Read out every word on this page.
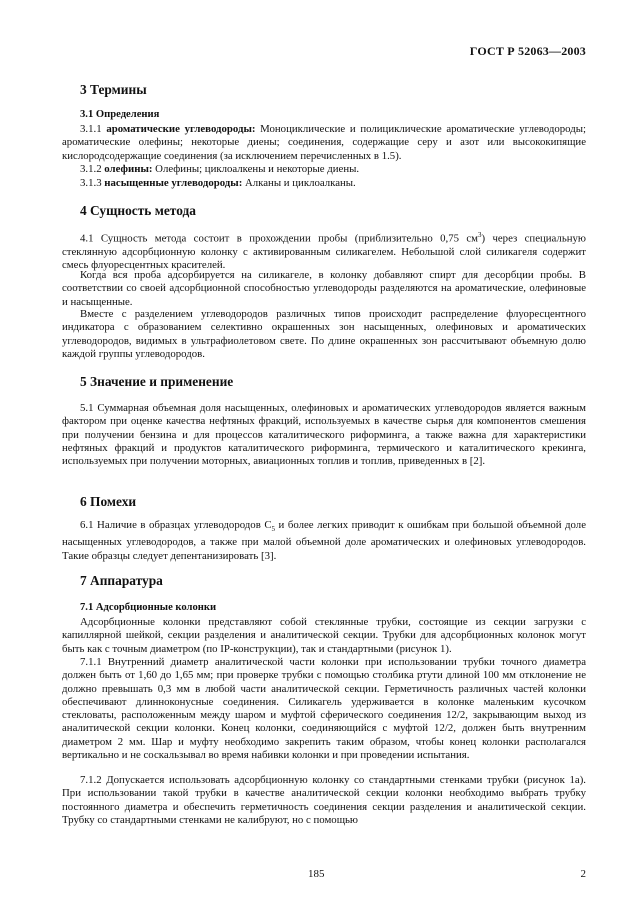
ГОСТ Р 52063—2003
3 Термины
3.1 Определения

3.1.1 ароматические углеводороды: Моноциклические и полициклические ароматические углеводороды; ароматические олефины; некоторые диены; соединения, содержащие серу и азот или высококипящие кислородсодержащие соединения (за исключением перечисленных в 1.5).

3.1.2 олефины: Олефины; циклоалкены и некоторые диены.

3.1.3 насыщенные углеводороды: Алканы и циклоалканы.

4 Сущность метода

4.1 Сущность метода состоит в прохождении пробы (приблизительно 0,75 $см^3$) через специальную стеклянную адсорбционную колонку с активированным силикагелем. Небольшой слой силикагеля содержит смесь флуоресцентных красителей.

Когда вся проба адсорбируется на силикагеле, в колонку добавляют спирт для десорбции пробы. В соответствии со своей адсорбционной способностью углеводороды разделяются на ароматические, олефиновые и насыщенные.

Вместе с разделением углеводородов различных типов происходит распределение флуоресцентного индикатора с образованием селективно окрашенных зон насыщенных, олефиновых и ароматических углеводородов, видимых в ультрафиолетовом свете. По длине окрашенных зон рассчитывают объемную долю каждой группы углеводородов.

5 Значение и применение

5.1 Суммарная объемная доля насыщенных, олефиновых и ароматических углеводородов является важным фактором при оценке качества нефтяных фракций, используемых в качестве сырья для компонентов смешения при получении бензина и для процессов каталитического риформинга, а также важна для характеристики нефтяных фракций и продуктов каталитического риформинга, термического и каталитического крекинга, используемых при получении моторных, авиационных топлив и топлив, приведенных в [2].

6 Помехи

6.1 Наличие в образцах углеводородов $С_5$ и более легких приводит к ошибкам при большой объемной доле насыщенных углеводородов, а также при малой объемной доле ароматических и олефиновых углеводородов. Такие образцы следует депентанизировать [3].

7 Аппаратура
7.1 Адсорбционные колонки

Адсорбционные колонки представляют собой стеклянные трубки, состоящие из секции загрузки с капиллярной шейкой, секции разделения и аналитической секции. Трубки для адсорбционных колонок могут быть как с точным диаметром (по IP-конструкции), так и стандартными (рисунок 1).

7.1.1 Внутренний диаметр аналитической части колонки при использовании трубки точного диаметра должен быть от 1,60 до 1,65 мм; при проверке трубки с помощью столбика ртути длиной 100 мм отклонение не должно превышать 0,3 мм в любой части аналитической секции. Герметичность различных частей колонки обеспечивают длинноконусные соединения. Силикагель удерживается в колонке маленьким кусочком стекловаты, расположенным между шаром и муфтой сферического соединения 12/2, закрывающим выход из аналитической секции колонки. Конец колонки, соединяющийся с муфтой 12/2, должен быть внутренним диаметром 2 мм. Шар и муфту необходимо закрепить таким образом, чтобы конец колонки располагался вертикально и не соскальзывал во время набивки колонки и при проведении испытания.

7.1.2 Допускается использовать адсорбционную колонку со стандартными стенками трубки (рисунок 1а). При использовании такой трубки в качестве аналитической секции колонки необходимо выбрать трубку постоянного диаметра и обеспечить герметичность соединения секции разделения и аналитической секции. Трубку со стандартными стенками не калибруют, но с помощью

185	2
